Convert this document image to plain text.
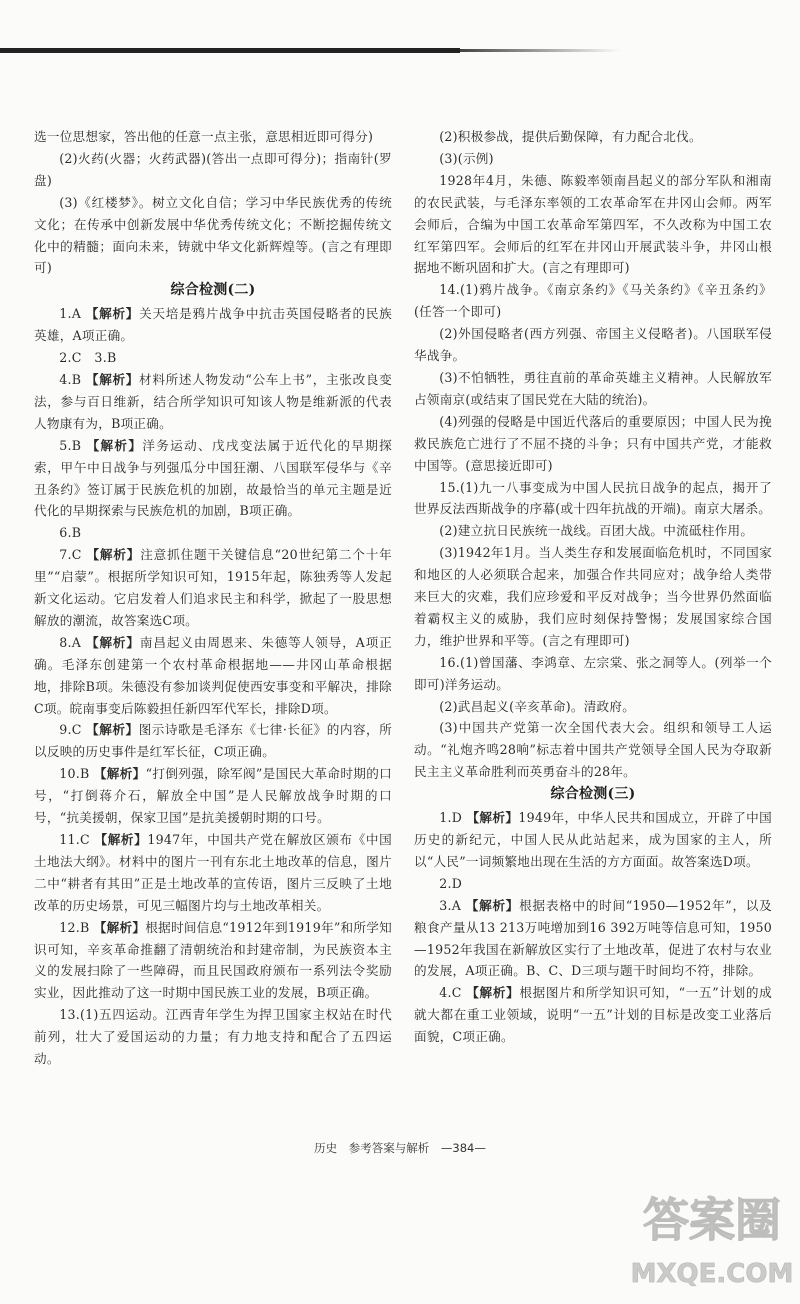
选一位思想家，答出他的任意一点主张，意思相近即可得分)

(2)火药(火器；火药武器)(答出一点即可得分)；指南针(罗盘)

(3)《红楼梦》。树立文化自信；学习中华民族优秀的传统文化；在传承中创新发展中华优秀传统文化；不断挖掘传统文化中的精髓；面向未来，铸就中华文化新辉煌等。(言之有理即可)

综合检测(二)

1.A 【解析】关天培是鸦片战争中抗击英国侵略者的民族英雄，A项正确。

2.C　3.B

4.B 【解析】材料所述人物发动“公车上书”，主张改良变法，参与百日维新，结合所学知识可知该人物是维新派的代表人物康有为，B项正确。

5.B 【解析】洋务运动、戊戌变法属于近代化的早期探索，甲午中日战争与列强瓜分中国狂潮、八国联军侵华与《辛丑条约》签订属于民族危机的加剧，故最恰当的单元主题是近代化的早期探索与民族危机的加剧，B项正确。

6.B

7.C 【解析】注意抓住题干关键信息“20世纪第二个十年里”“启蒙”。根据所学知识可知，1915年起，陈独秀等人发起新文化运动。它启发着人们追求民主和科学，掀起了一股思想解放的潮流，故答案选C项。

8.A 【解析】南昌起义由周恩来、朱德等人领导，A项正确。毛泽东创建第一个农村革命根据地——井冈山革命根据地，排除B项。朱德没有参加谈判促使西安事变和平解决，排除C项。皖南事变后陈毅担任新四军代军长，排除D项。

9.C 【解析】图示诗歌是毛泽东《七律·长征》的内容，所以反映的历史事件是红军长征，C项正确。

10.B 【解析】“打倒列强，除军阀”是国民大革命时期的口号，“打倒蒋介石，解放全中国”是人民解放战争时期的口号，“抗美援朝，保家卫国”是抗美援朝时期的口号。

11.C 【解析】1947年，中国共产党在解放区颁布《中国土地法大纲》。材料中的图片一刊有东北土地改革的信息，图片二中“耕者有其田”正是土地改革的宣传语，图片三反映了土地改革的历史场景，可见三幅图片均与土地改革相关。

12.B 【解析】根据时间信息“1912年到1919年”和所学知识可知，辛亥革命推翻了清朝统治和封建帝制，为民族资本主义的发展扫除了一些障碍，而且民国政府颁布一系列法令奖励实业，因此推动了这一时期中国民族工业的发展，B项正确。

13.(1)五四运动。江西青年学生为捍卫国家主权站在时代前列，壮大了爱国运动的力量；有力地支持和配合了五四运动。

(2)积极参战，提供后勤保障，有力配合北伐。

(3)(示例)

1928年4月，朱德、陈毅率领南昌起义的部分军队和湘南的农民武装，与毛泽东率领的工农革命军在井冈山会师。两军会师后，合编为中国工农革命军第四军，不久改称为中国工农红军第四军。会师后的红军在井冈山开展武装斗争，井冈山根据地不断巩固和扩大。(言之有理即可)

14.(1)鸦片战争。《南京条约》《马关条约》《辛丑条约》(任答一个即可)

(2)外国侵略者(西方列强、帝国主义侵略者)。八国联军侵华战争。

(3)不怕牺牲，勇往直前的革命英雄主义精神。人民解放军占领南京(或结束了国民党在大陆的统治)。

(4)列强的侵略是中国近代落后的重要原因；中国人民为挽救民族危亡进行了不屈不挠的斗争；只有中国共产党，才能救中国等。(意思接近即可)

15.(1)九一八事变成为中国人民抗日战争的起点，揭开了世界反法西斯战争的序幕(或十四年抗战的开端)。南京大屠杀。

(2)建立抗日民族统一战线。百团大战。中流砥柱作用。

(3)1942年1月。当人类生存和发展面临危机时，不同国家和地区的人必须联合起来，加强合作共同应对；战争给人类带来巨大的灾难，我们应珍爱和平反对战争；当今世界仍然面临着霸权主义的威胁，我们应时刻保持警惕；发展国家综合国力，维护世界和平等。(言之有理即可)

16.(1)曾国藩、李鸿章、左宗棠、张之洞等人。(列举一个即可)洋务运动。

(2)武昌起义(辛亥革命)。清政府。

(3)中国共产党第一次全国代表大会。组织和领导工人运动。“礼炮齐鸣28响”标志着中国共产党领导全国人民为夺取新民主主义革命胜利而英勇奋斗的28年。

综合检测(三)

1.D 【解析】1949年，中华人民共和国成立，开辟了中国历史的新纪元，中国人民从此站起来，成为国家的主人，所以“人民”一词频繁地出现在生活的方方面面。故答案选D项。

2.D

3.A 【解析】根据表格中的时间“1950—1952年”，以及粮食产量从13 213万吨增加到16 392万吨等信息可知，1950—1952年我国在新解放区实行了土地改革，促进了农村与农业的发展，A项正确。B、C、D三项与题干时间均不符，排除。

4.C 【解析】根据图片和所学知识可知，“一五”计划的成就大都在重工业领域，说明“一五”计划的目标是改变工业落后面貌，C项正确。

历史 参考答案与解析 —384—
答案圈
MXQE.COM
